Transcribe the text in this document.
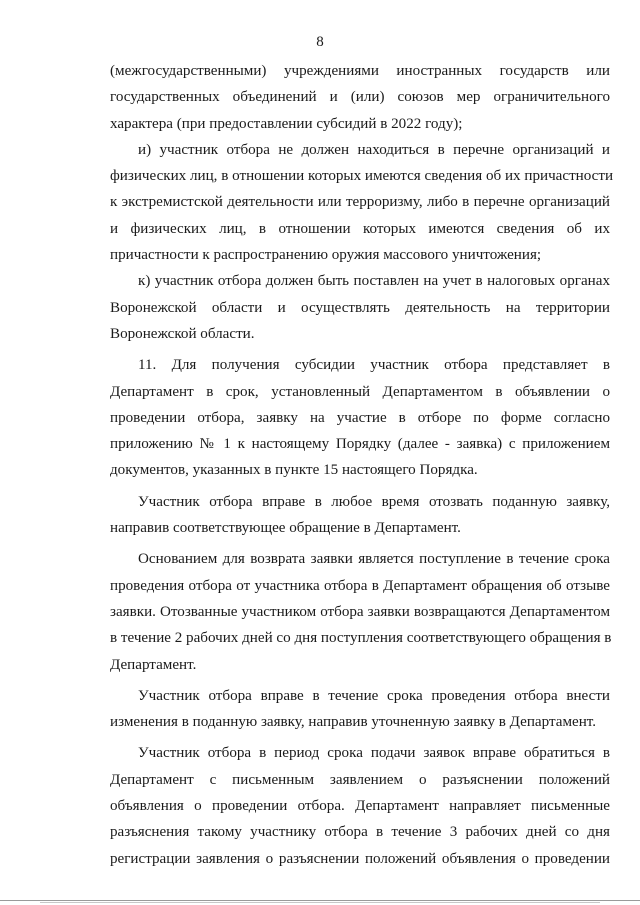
8
(межгосударственными) учреждениями иностранных государств или
государственных объединений и (или) союзов мер ограничительного
характера (при предоставлении субсидий в 2022 году);
и) участник отбора не должен находиться в перечне организаций и
физических лиц, в отношении которых имеются сведения об их причастности
к экстремистской деятельности или терроризму, либо в перечне организаций
и физических лиц, в отношении которых имеются сведения об их
причастности к распространению оружия массового уничтожения;
к) участник отбора должен быть поставлен на учет в налоговых органах
Воронежской области и осуществлять деятельность на территории
Воронежской области.
11. Для получения субсидии участник отбора представляет в
Департамент в срок, установленный Департаментом в объявлении о
проведении отбора, заявку на участие в отборе по форме согласно
приложению № 1 к настоящему Порядку (далее - заявка) с приложением
документов, указанных в пункте 15 настоящего Порядка.
Участник отбора вправе в любое время отозвать поданную заявку,
направив соответствующее обращение в Департамент.
Основанием для возврата заявки является поступление в течение срока
проведения отбора от участника отбора в Департамент обращения об отзыве
заявки. Отозванные участником отбора заявки возвращаются Департаментом
в течение 2 рабочих дней со дня поступления соответствующего обращения в
Департамент.
Участник отбора вправе в течение срока проведения отбора внести
изменения в поданную заявку, направив уточненную заявку в Департамент.
Участник отбора в период срока подачи заявок вправе обратиться в
Департамент с письменным заявлением о разъяснении положений
объявления о проведении отбора. Департамент направляет письменные
разъяснения такому участнику отбора в течение 3 рабочих дней со дня
регистрации заявления о разъяснении положений объявления о проведении
